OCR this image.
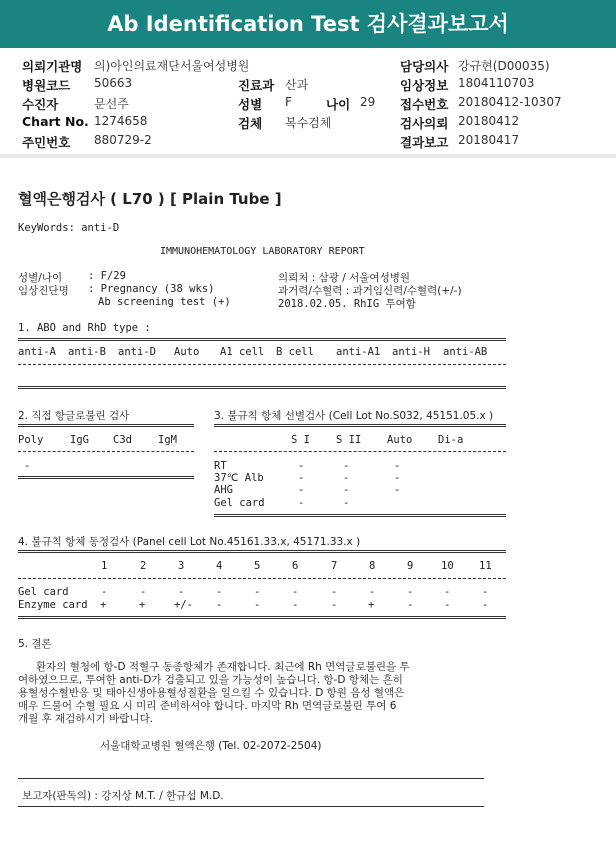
Ab Identification Test 검사결과보고서
의뢰기관명 의)아인의료재단서울여성병원	담당의사 강규현(D00035)
병원코드 50663	진료과 산과	임상정보 1804110703
수진자	문선주	성별 F	나이 29 접수번호 20180412-10307
Chart No. 1274658	검체 복수검체	검사의뢰 20180412
주민번호 880729-2	결과보고 20180417
혈액은행검사 ( L70 ) [ Plain Tube ]
KeyWords: anti-D
IMMUNOHEMATOLOGY LABORATORY REPORT
성별/나이 : F/29	의뢰처 : 삼광 / 서울여성병원
임상진단명 : Pregnancy (38 wks)	과거력/수혈력 : 과거임신력/수혈력(+/-)
Ab screening test (+)	2018.02.05. RhIG 투여함
1. ABO and RhD type :
anti-A anti-B anti-D Auto A1 cell B cell anti-A1 anti-H anti-AB
2. 직접 항글로불린 검사
Poly	IgG C3d IgM
-
3. 불규칙 항체 선별검사 (Cell Lot No.S032, 45151.05.x )
S I S II Auto Di-a
RT	-	-	-
37℃ Alb	-	-	-
AHG	-	-	-
Gel card	-	-
4. 불규칙 항체 동정검사 (Panel cell Lot No.45161.33.x, 45171.33.x )
1	2	3	4	5	6	7	8	9	10 11
Gel card	-	-	-	-	-	-	-	-	-	-	-
Enzyme card +	+	+/- -	-	-	-	+	-	-	-
5. 결론
환자의 혈청에 항-D 적혈구 동종항체가 존재합니다. 최근에 Rh 면역글로불린을 투
여하였으므로, 투여한 anti-D가 검출되고 있을 가능성이 높습니다. 항-D 항체는 흔히
용혈성수혈반응 및 태아신생아용혈성질환을 일으킬 수 있습니다. D 항원 음성 혈액은
매우 드물어 수혈 필요 시 미리 준비하셔야 합니다. 마지막 Rh 면역글로불린 투여 6
개월 후 재검하시기 바랍니다.
서울대학교병원 혈액은행 (Tel. 02-2072-2504)
보고자(판독의) : 강지상 M.T. / 한규섭 M.D.
